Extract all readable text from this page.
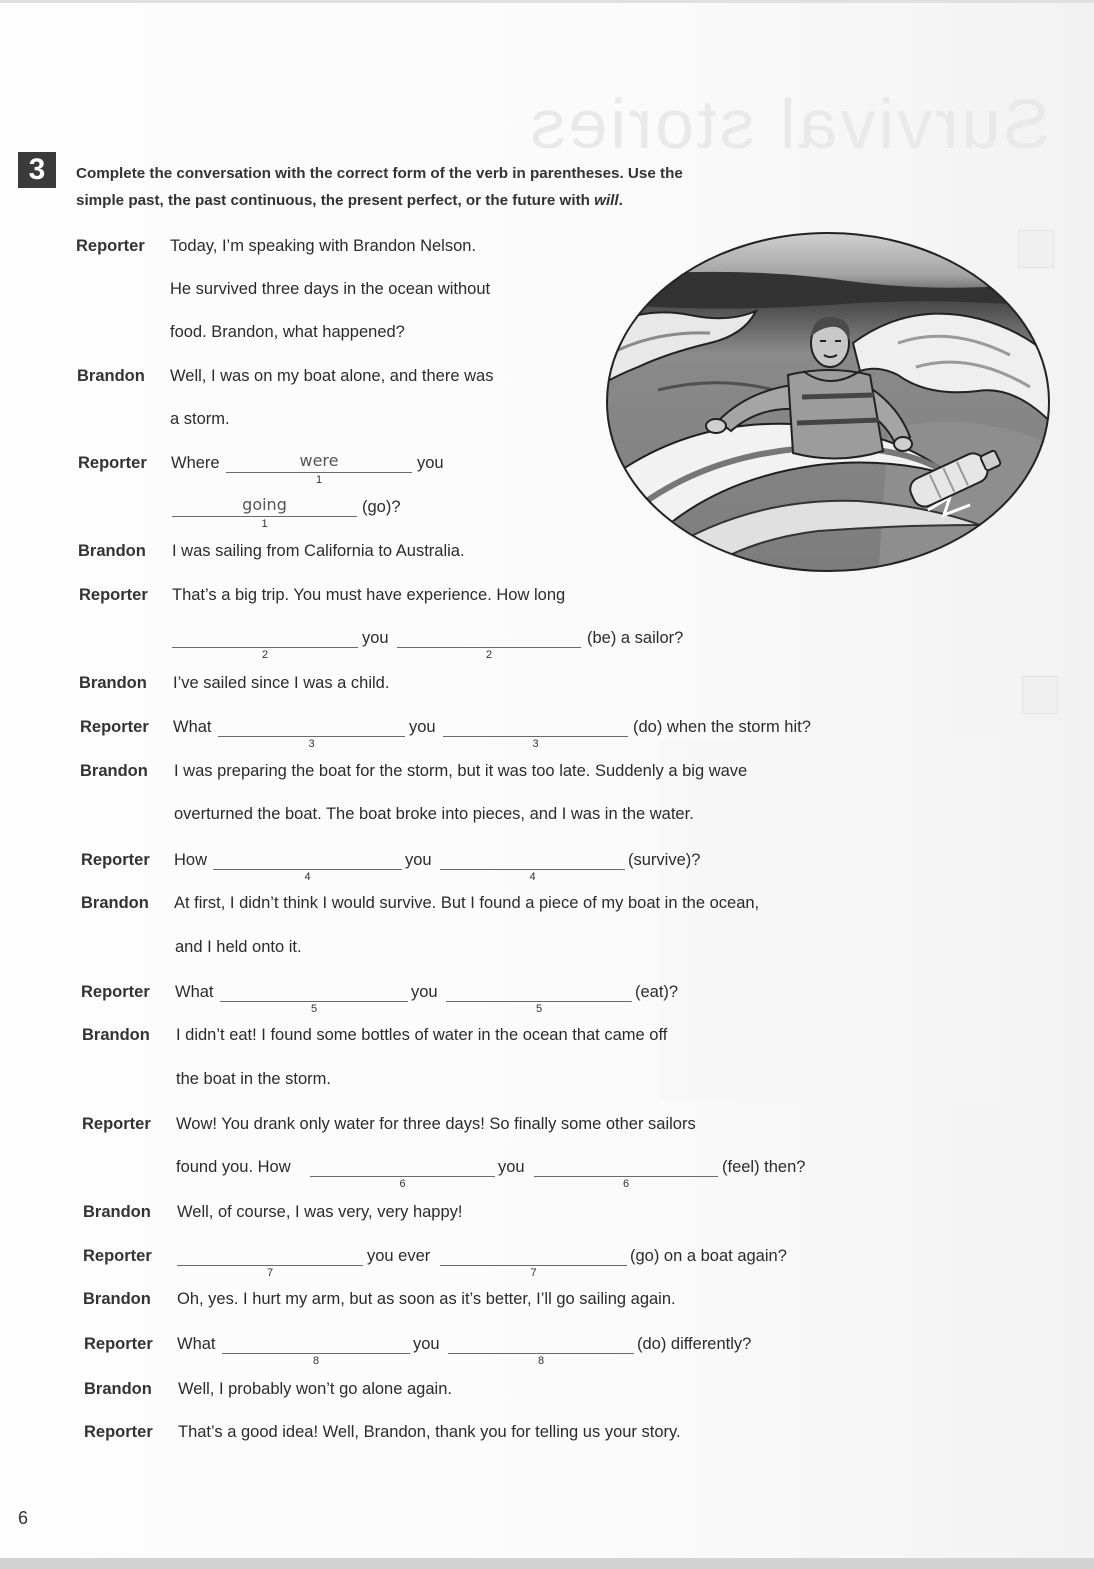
Survival stories
3	Complete the conversation with the correct form of the verb in parentheses. Use the
simple past, the past continuous, the present perfect, or the future with will.
Reporter Today, I’m speaking with Brandon Nelson.
He survived three days in the ocean without
food. Brandon, what happened?
Brandon Well, I was on my boat alone, and there was
a storm.
Reporter Where	were
1
you
going
1
(go)?
Brandon I was sailing from California to Australia.
Reporter That’s a big trip. You must have experience. How long
2
you
2
(be) a sailor?
Brandon I’ve sailed since I was a child.
Reporter What
3
you
3
(do) when the storm hit?
Brandon I was preparing the boat for the storm, but it was too late. Suddenly a big wave
overturned the boat. The boat broke into pieces, and I was in the water.
Reporter How
4
you
4
(survive)?
Brandon At first, I didn’t think I would survive. But I found a piece of my boat in the ocean,
and I held onto it.
Reporter What
5
you
5
(eat)?
Brandon I didn’t eat! I found some bottles of water in the ocean that came off
the boat in the storm.
Reporter Wow! You drank only water for three days! So finally some other sailors
found you. How
6
you
6
(feel) then?
Brandon Well, of course, I was very, very happy!
Reporter
7
you ever
7
(go) on a boat again?
Brandon Oh, yes. I hurt my arm, but as soon as it’s better, I’ll go sailing again.
Reporter What
8
you
8
(do) differently?
Brandon Well, I probably won’t go alone again.
Reporter That’s a good idea! Well, Brandon, thank you for telling us your story.
6
